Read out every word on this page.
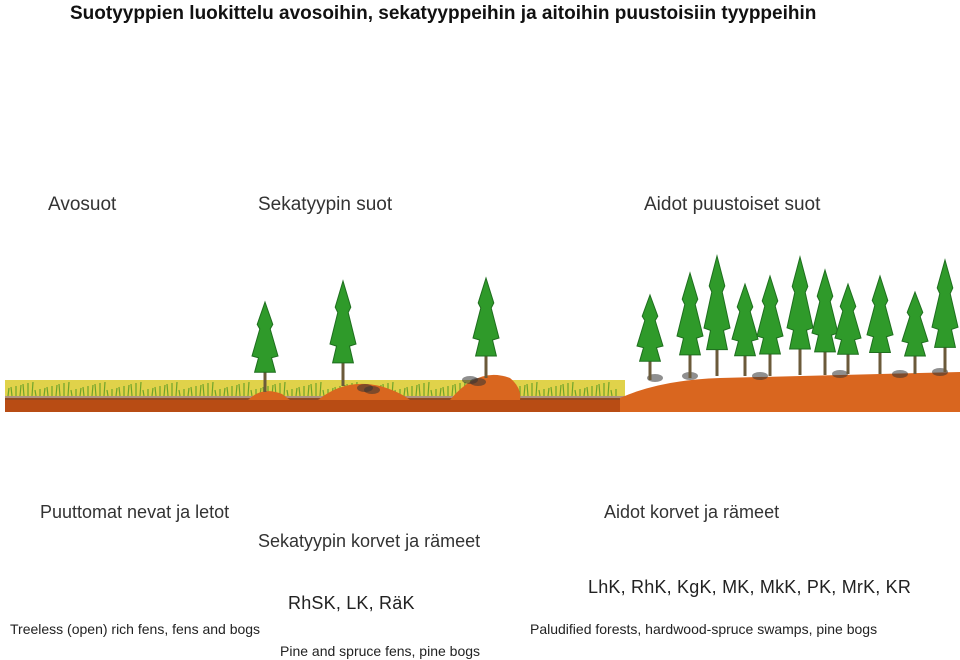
Suotyyppien luokittelu avosoihin, sekatyyppeihin ja aitoihin puustoisiin tyyppeihin
Avosuot	Sekatyypin suot	Aidot puustoiset suot
Puuttomat nevat ja letot
Sekatyypin korvet ja rämeet
Aidot korvet ja rämeet
RhSK, LK, RäK
LhK, RhK, KgK, MK, MkK, PK, MrK, KR
Treeless (open) rich fens, fens and bogs
Pine and spruce fens, pine bogs
Paludified forests, hardwood-spruce swamps, pine bogs
